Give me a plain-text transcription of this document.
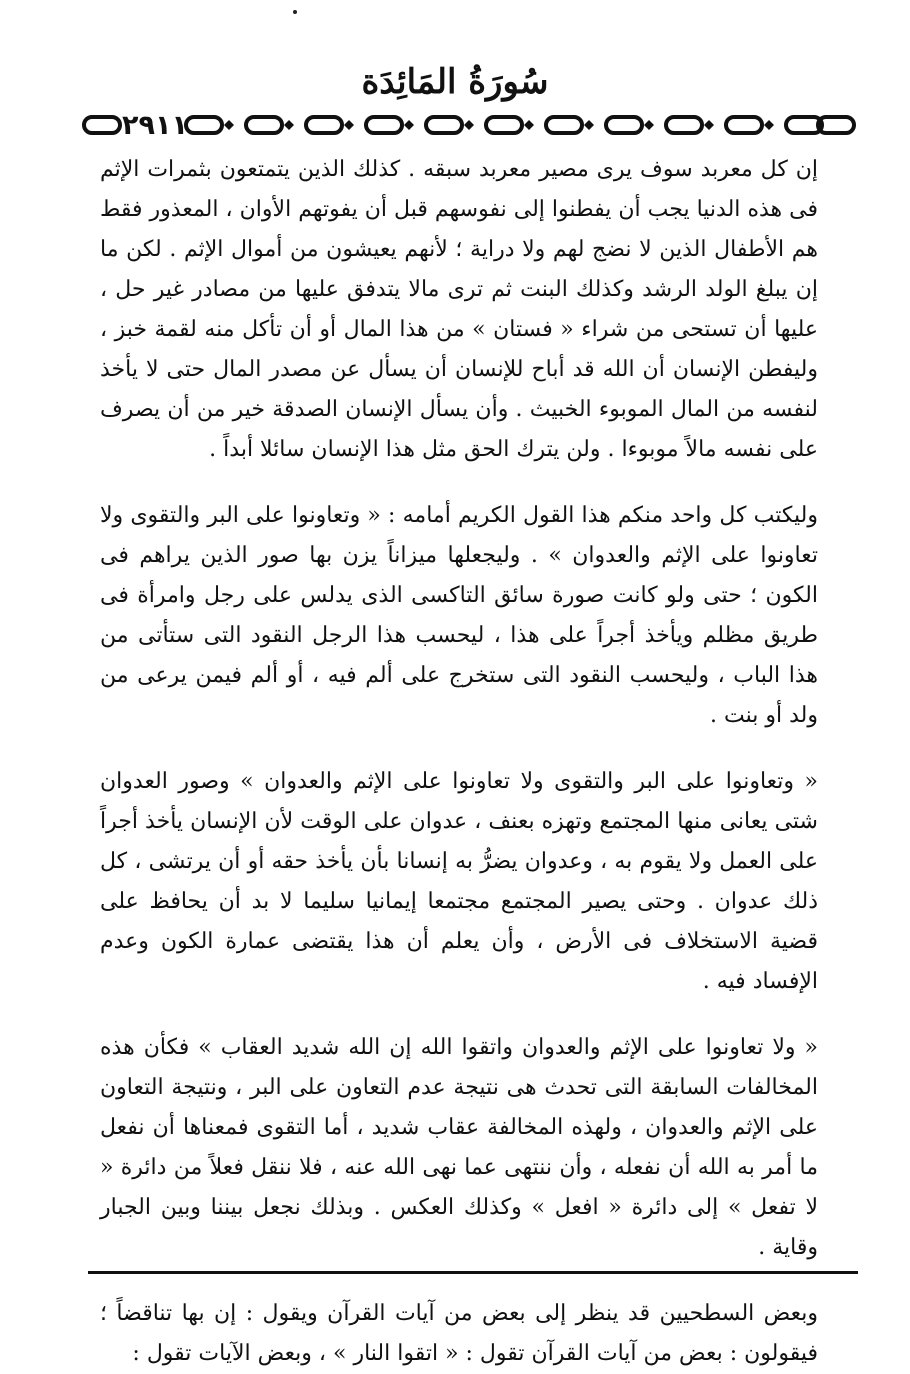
سُورَةُ المَائِدَة
٢٩١١

إن كل معربد سوف يرى مصير معربد سبقه . كذلك الذين يتمتعون بثمرات الإثم فى هذه الدنيا يجب أن يفطنوا إلى نفوسهم قبل أن يفوتهم الأوان ، المعذور فقط هم الأطفال الذين لا نضج لهم ولا دراية ؛ لأنهم يعيشون من أموال الإثم . لكن ما إن يبلغ الولد الرشد وكذلك البنت ثم ترى مالا يتدفق عليها من مصادر غير حل ، عليها أن تستحى من شراء « فستان » من هذا المال أو أن تأكل منه لقمة خبز ، وليفطن الإنسان أن الله قد أباح للإنسان أن يسأل عن مصدر المال حتى لا يأخذ لنفسه من المال الموبوء الخبيث . وأن يسأل الإنسان الصدقة خير من أن يصرف على نفسه مالاً موبوءا . ولن يترك الحق مثل هذا الإنسان سائلا أبداً .

وليكتب كل واحد منكم هذا القول الكريم أمامه : « وتعاونوا على البر والتقوى ولا تعاونوا على الإثم والعدوان » . وليجعلها ميزاناً يزن بها صور الذين يراهم فى الكون ؛ حتى ولو كانت صورة سائق التاكسى الذى يدلس على رجل وامرأة فى طريق مظلم ويأخذ أجراً على هذا ، ليحسب هذا الرجل النقود التى ستأتى من هذا الباب ، وليحسب النقود التى ستخرج على ألم فيه ، أو ألم فيمن يرعى من ولد أو بنت .

« وتعاونوا على البر والتقوى ولا تعاونوا على الإثم والعدوان » وصور العدوان شتى يعانى منها المجتمع وتهزه بعنف ، عدوان على الوقت لأن الإنسان يأخذ أجراً على العمل ولا يقوم به ، وعدوان يضرُّ به إنسانا بأن يأخذ حقه أو أن يرتشى ، كل ذلك عدوان . وحتى يصير المجتمع مجتمعا إيمانيا سليما لا بد أن يحافظ على قضية الاستخلاف فى الأرض ، وأن يعلم أن هذا يقتضى عمارة الكون وعدم الإفساد فيه .

« ولا تعاونوا على الإثم والعدوان واتقوا الله إن الله شديد العقاب » فكأن هذه المخالفات السابقة التى تحدث هى نتيجة عدم التعاون على البر ، ونتيجة التعاون على الإثم والعدوان ، ولهذه المخالفة عقاب شديد ، أما التقوى فمعناها أن نفعل ما أمر به الله أن نفعله ، وأن ننتهى عما نهى الله عنه ، فلا ننقل فعلاً من دائرة « لا تفعل » إلى دائرة « افعل » وكذلك العكس . وبذلك نجعل بيننا وبين الجبار وقاية .

وبعض السطحيين قد ينظر إلى بعض من آيات القرآن ويقول : إن بها تناقضاً ؛ فيقولون : بعض من آيات القرآن تقول : « اتقوا النار » ، وبعض الآيات تقول :
